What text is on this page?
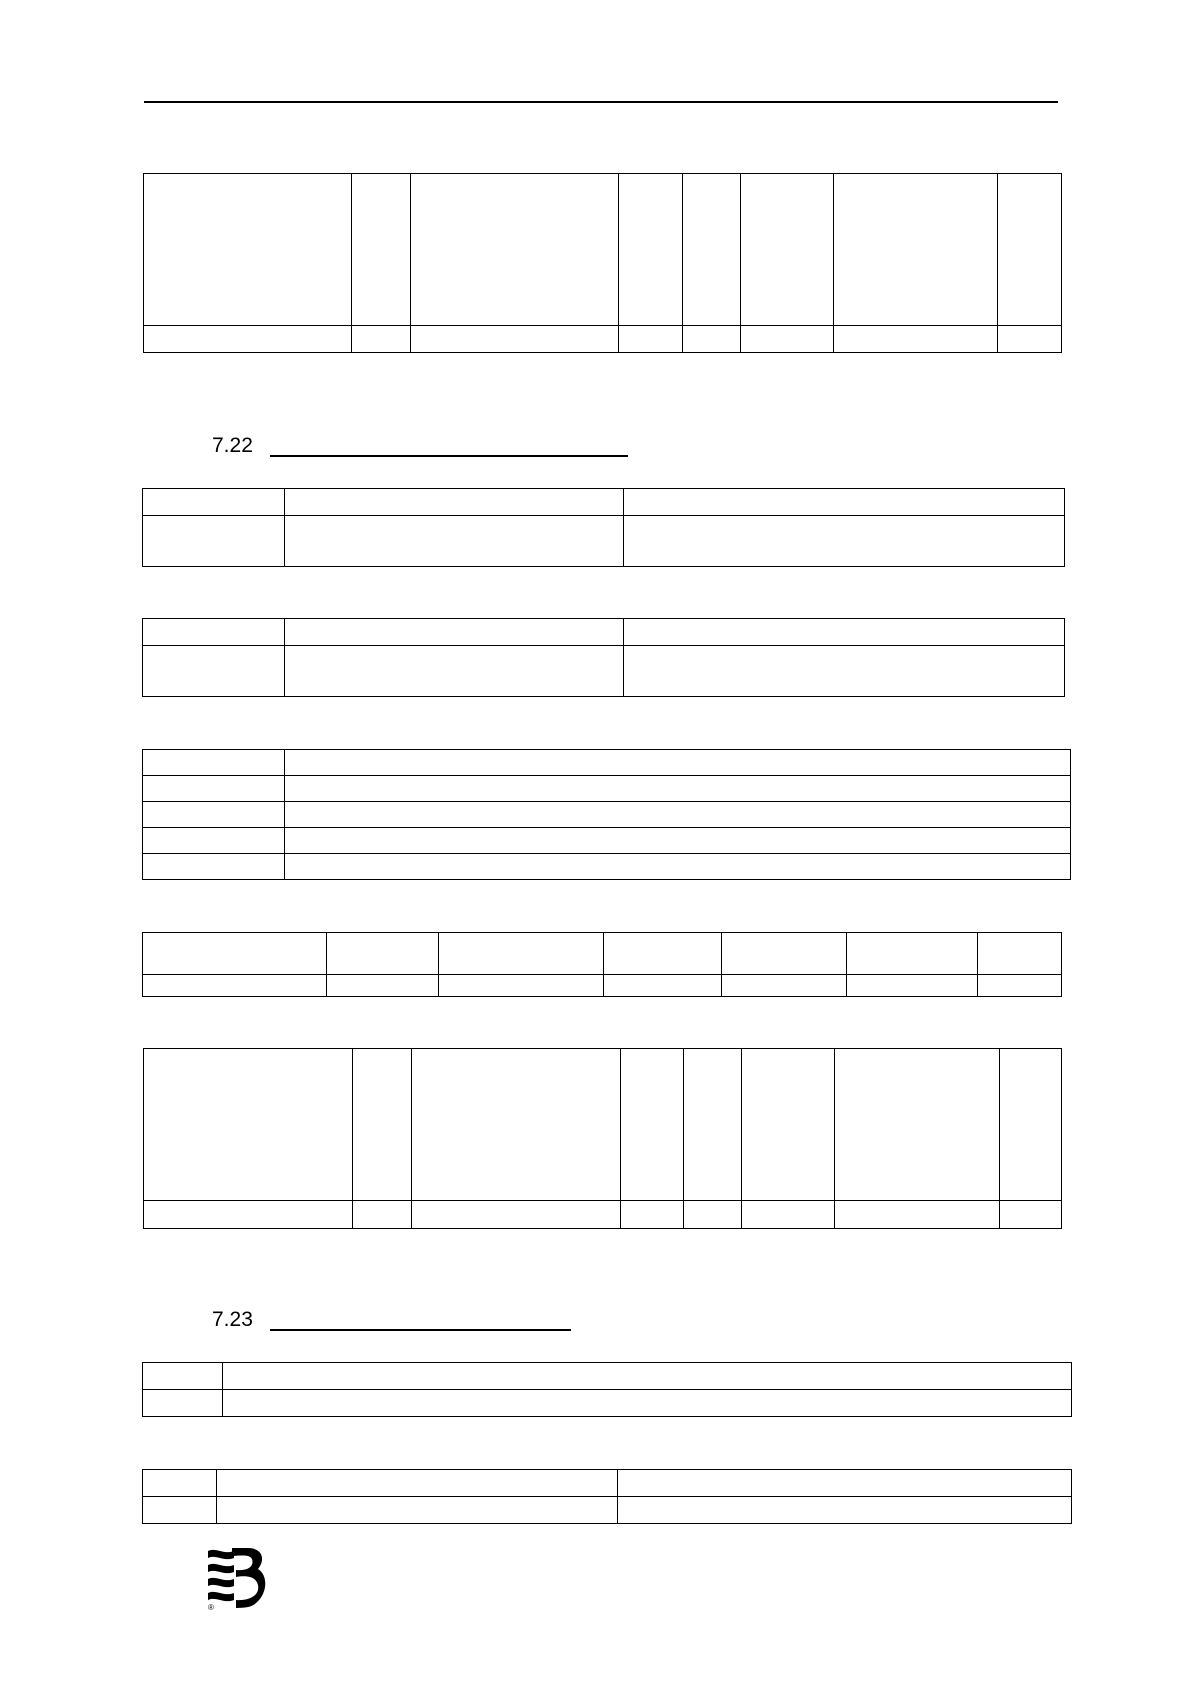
7.22

7.23

®
